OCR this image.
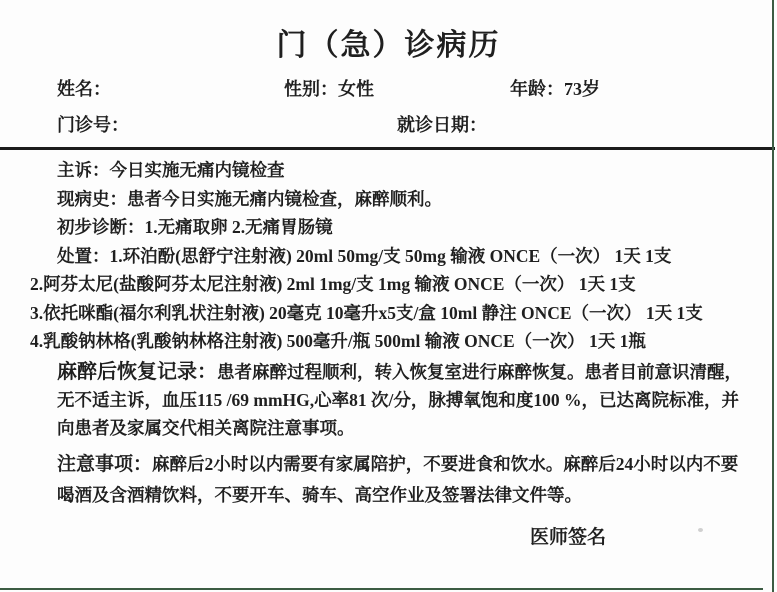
门（急）诊病历
姓名：	性别：女性	年龄：73岁
门诊号：	就诊日期：

主诉：今日实施无痛内镜检查

现病史：患者今日实施无痛内镜检查，麻醉顺利。

初步诊断：1.无痛取卵 2.无痛胃肠镜

处置：1.环泊酚(思舒宁注射液) 20ml 50mg/支 50mg 输液 ONCE（一次） 1天 1支

2.阿芬太尼(盐酸阿芬太尼注射液) 2ml 1mg/支 1mg 输液 ONCE（一次） 1天 1支

3.依托咪酯(福尔利乳状注射液) 20毫克 10毫升x5支/盒 10ml 静注 ONCE（一次） 1天 1支

4.乳酸钠林格(乳酸钠林格注射液) 500毫升/瓶 500ml 输液 ONCE（一次） 1天 1瓶

麻醉后恢复记录：患者麻醉过程顺利，转入恢复室进行麻醉恢复。患者目前意识清醒，无不适主诉，血压115 /69 mmHG,心率81 次/分，脉搏氧饱和度100 %，已达离院标准，并向患者及家属交代相关离院注意事项。

注意事项：麻醉后2小时以内需要有家属陪护，不要进食和饮水。麻醉后24小时以内不要喝酒及含酒精饮料，不要开车、骑车、高空作业及签署法律文件等。

医师签名
